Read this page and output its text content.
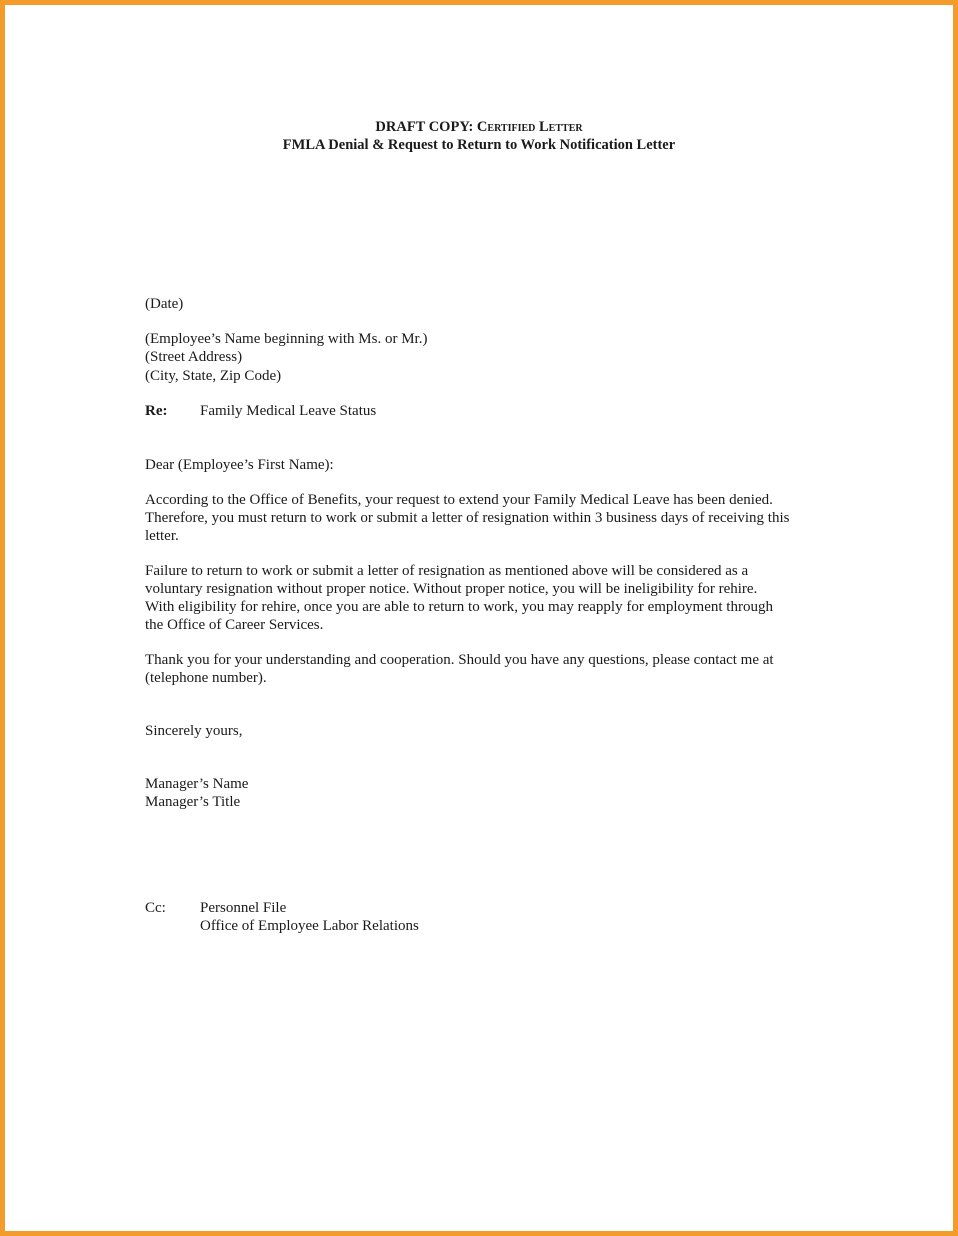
DRAFT COPY: Certified Letter
FMLA Denial & Request to Return to Work Notification Letter
(Date)
(Employee’s Name beginning with Ms. or Mr.)
(Street Address)
(City, State, Zip Code)
Re: Family Medical Leave Status
Dear (Employee’s First Name):
According to the Office of Benefits, your request to extend your Family Medical Leave has been denied.
Therefore, you must return to work or submit a letter of resignation within 3 business days of receiving this
letter.
Failure to return to work or submit a letter of resignation as mentioned above will be considered as a
voluntary resignation without proper notice. Without proper notice, you will be ineligibility for rehire.
With eligibility for rehire, once you are able to return to work, you may reapply for employment through
the Office of Career Services.
Thank you for your understanding and cooperation. Should you have any questions, please contact me at
(telephone number).
Sincerely yours,
Manager’s Name
Manager’s Title
Cc: Personnel File
Office of Employee Labor Relations
